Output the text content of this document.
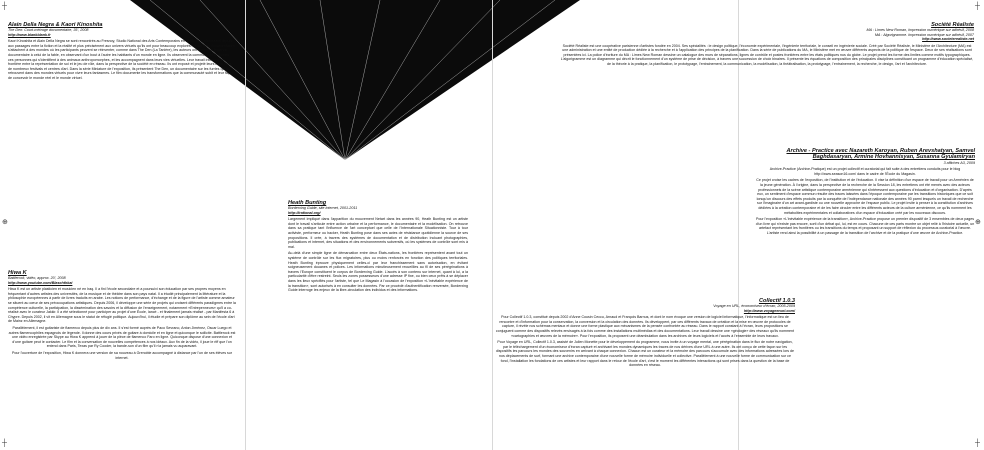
⊕	⊕
┼	┼
┼	┼
Alain Della Negra & Kaori Kinoshita
The Den: Court-métrage documentaire, 35', 2008
http://www.blankblank.fr

Kaori Kinoshita et Alain Della Negra se sont rencontrés au Fresnoy, Studio National des Arts Contemporains en 2001. Ils s'intéressent depuis aux passages entre la fiction et la réalité et plus précisément aux univers virtuels qu'ils ont pour beaucoup explorés. Leurs films documentaires s'attachent à des mondes où les participants peuvent se réinventer, comme dans The Den (La Tanière), les auteurs ont conjugué le genre documentaire à celui de la fable, en observant d'un bout à l'autre les habitants d'un monde en ligne. Ils observent la communauté de furries, ces personnes qui s'identifient à des animaux anthropomorphes, et les accompagnent dans leurs vies virtuelles. Leur travail interroge la frontière entre la représentation de soi et le jeu de rôle, dans la perspective de la société en réseau. Ils ont exposé et projeté leurs films dans de nombreux festivals et centres d'art. Dans la série Miniature de l'exposition, ils présentent The Den, un documentaire sur les furries qui se retrouvent dans des mondes virtuels pour vivre leurs fantasmes. Le film documente les transformations que la communauté subit et leur façon de concevoir le monde réel et le monde virtuel.

Société Réaliste
MA : Limes New Roman, Impression numérique sur adhésif, 2008
MA : Algorigramme. Impression numérique sur adhésif, 2007
http://www.societerealiste.net

Société Réaliste est une coopérative parisienne d'artistes fondée en 2004. Ses spécialités : le design politique, l'économie expérimentale, l'ingénierie territoriale, le conseil en ingénierie sociale. Créé par Société Réaliste, le Ministère de l'Architecture (MA) est une administration et une entité de production dédiée à la recherche et à l'application des principes de la planification. Dans la série de publications du MA, le Ministère met en œuvre différents aspects de la politique de l'espace. Deux de ses réalisations sont présentées ici. La police d'écriture du MA : Limes New Roman dessine un catalogue des murs de séparations, lignes de contrôle et postes frontières entre les états politiques nus du globe. Le projet prend les forme des limites comme motifs typographiques. L'algorigramme est un diagramme qui décrit le fonctionnement d'un système de prise de décision, à travers une succession de choix binaires. Il présente les équations de composition des principales disciplines constituant un programme d'éducation spécialisé, de la théorie à la pratique, la planification, le prototypage, l'entrainement, la communication, la modélisation, la théâtralisation, la prototypage, l'entrainement, la recherche, le design, l'art et l'architecture.

Heath Bunting
Borderxing Guide, site internet, 2001-2011
http://irational.org/

Largement impliqué dans l'apparition du mouvement Netart dans les années 90, Heath Bunting est un artiste dont le travail s'articule entre action urbaine et la performance, le documentaire et la modélisation. On retrouve dans sa pratique tant l'influence de l'art conceptuel que celle de l'Internationale Situationniste. Tour à tour activiste, performeur ou hacker, Heath Bunting pose dans ses actes de résistance quotidienne la source de ses propositions. Il crée, à travers des systèmes de documentation et de distribution incluant photographies, publications et internet, des situations et des environnements subversifs, où les systèmes de contrôle sont mis à mal.

Au-delà d'une simple ligne de démarcation entre deux États-nations, les frontières représentent avant tout un système de contrôle sur les flux migratoires, plus ou moins renforcés en fonction des politiques territoriales. Heath Bunting éprouve physiquement celles-ci par leur franchissement sans autorisation, en évitant soigneusement douanes et polices. Les informations minutieusement recueillies au fil de ses pérégrinations à travers l'Europe constituent le corpus de Borderxing Guide. L'accès à son contenu sur internet, quant à lui, a la particularité d'être restreint. Seuls les zones possesseurs d'une adresse IP fixe, ou bien ceux prêts à se déplacer dans les lieux spécifiés pour l'artiste, tel que Le Magasin à l'occasion de l'exposition «L'inévitable expérience de la transition», sont autorisés à en consulter les données. Par ce procédé d'authentification renversée, Borderxing Guide interroge les enjeux de la libre-circulation des individus et des informations.

Hiwa K
Battlerock, vidéo, approx. 20', 2008
http://www.youtube.com/Blaschthkai

Hiwa K est un artiste plasticien et musicien né en Iraq. Il a fini l'école secondaire et a poursuivi son éducation par ses propres moyens en fréquentant d'autres artistes des universités, de la musique et de théâtre dans son pays natal. Il a étudié principalement la littérature et la philosophie européennes à partir de livres traduits en arabe. Les notions de performance, d'échange et de la figure de l'artiste comme amateur se situent au cœur de ses préoccupations artistiques. Depuis 2006, il développe une série de projets qui croisent différents paradigmes entre la compétence culturelle, la participation, la dissémination des savoirs et la diffusion de l'enseignement, notamment «Entrepenneurs» qu'il a co-réalisé avec le curateur Jakkir. Il a été sélectionné pour participer au projet d'une École, lancé - et finalement jamais réalisé - par Manifesta 6 à Chypre. Depuis 2002, il vit en Allemagne sous le statut de réfugié politique. Aujourd'hui, il étudie et prépare son diplôme au sein de l'école d'art de Mainz en Allemagne.

Parallèlement, il est guitariste de flamenco depuis plus de dix ans. Il s'est formé auprès de Paco Sevrano, Anton Jiménez, Oscar Luego et autres flamencophiles espagnols de légende. Il donne des cours privés de guitare à domicile et en ligne et quiconque le sollicite. Battlerock est une vidéo enregistrée par Skype au Hiwa K apprend à jouer de la pièce de flamenco Faro en ligne. Quiconque dispose d'une connexion et d'une guitare peut le contacter. Le film et la conversation de nouvelles compétences à nos idéaux. Aux fin de la vidéo, il joue le riff que l'on entend dans Paris, Texas par Ry Cooder, la bande-son d'un film qu'il n'a jamais vu auparavant.

Pour l'ouverture de l'exposition, Hiwa K donnera une version de sa nouveau à Grenoble accompagné à distance par l'un de ses élèves sur internet.

Archive - Practice avec Nazareth Karoyan, Ruben Arevshatyan, Samvel Baghdasaryan, Armine Hovhannisyan, Susanna Gyulamiryan
3 affiches A3, 2009

Archive-Practice (Archive-Pratique) est un projet collectif et curatorial qui fait suite à des entretiens conduits pour le blog http://www.season16.com/ dans le cadre de l'École du Magasin.

Ce projet croise les cadres de l'exposition, de l'institution et de l'éducation. Il vise la définition d'un espace de travail pour un Arménien de la jeune génération. À l'origine, dans la perspective de la recherche de la Session 18, les entretiens ont été menés avec des acteurs professionnels de la scène artistique contemporaine arménienne qui s'intéressent aux questions d'éducation et d'organisation. D'après eux, un sentiment d'espace commun résulte des traces laissées dans l'époque contemporaine par les transitions historiques que ce soit lorsqu'un discours des effets produits par la conquête de l'indépendance nationale des années 90 parmi lesquels un travail de recherche sur l'imaginaire d'un art avant-gardiste ou une nouvelle approche de l'espace public. Le projet invite à penser à la constitution d'archives dédiées à la création contemporaine et de les faire circuler entre les différents acteurs de la culture arménienne, ce qu'ils nomment les métabolites expérimentales et collaboratives d'un espace d'éducation créé par les nouveaux discours.

Pour l'exposition «L'inévitable expérience de la transition», Archive-Practice propose un premier dispositif de 3 ensembles de deux pages d'un livre qui n'existe pas encore, sorti d'un débat qui, lui, est en cours. Chacune de ces parts montre un objet relié à l'histoire actuelle, un artefact représentant les frontières ou les transitions du temps et proposant un support de réflexion du processus curatorial à l'œuvre. L'artiste rend ainsi la possibilité à un passage de la transition de l'archive et de la pratique d'une œuvre de Archive-Practice.

Collectif 1.0.3
Voyage en URL, économiseur d'écran, 2005-2009
http://www.voyageenurl.com/

Pour Collectif 1.0.3, constitué depuis 2002 d'Anne Cousin Ceccu, Arnaud et François Barnus, et dont le nom évoque une version de logiciel informatique, l'informatique est un lieu de rencontre et d'information pour la conservation, la conversion et la circulation des données. Ils développent, par ces différents travaux de création et la mise en œuvre de protocoles de capture, il révèle nos schémas mentaux et donne une forme plastique aux mécanismes de la pensée confrontée au réseau. Dans le rapport constant à l'écran, leurs propositions se conjuguent comme des dispositifs relevés envisagés à la fois comme des installations multimédias et des documentations. Leur travail dessine une «géologie» des réseaux qu'ils nomment «cartographies et œuvres de la mémoire». Pour l'exposition, ils proposent une déambulation dans les archives de leurs logiciels et l'accès à l'ensemble de leurs travaux.

Pour Voyage en URL, Collectif 1.0.3, assisté de Julien Monette pour le développement du programme, nous invite à un voyage mental, une pérégrination dans le flux de notre navigation, par le téléchargement d'un économiseur d'écran capturé et archivant les mondes dynamiques les traces de nos dérives d'une URL à une autre. Ils ont conçu de cette façon sur les dispositifs les parcours les mondes des souvenirs en arrivant à chaque connexion. Chacun est un curateur et la mémoire des parcours s'accumule avec des informations adressées lors de nos déplacements de surf, formant une archive contemporaine d'une nouvelle forme de mémoire individuelle et collective. Parallèlement à une nouvelle forme de communication sur ce fond, l'installation les fondations de ces artistes et leur rapport dans le retour de l'école d'art, c'est le moment les différentes interactions qui sont prises dans la question de la base de données en réseau.
